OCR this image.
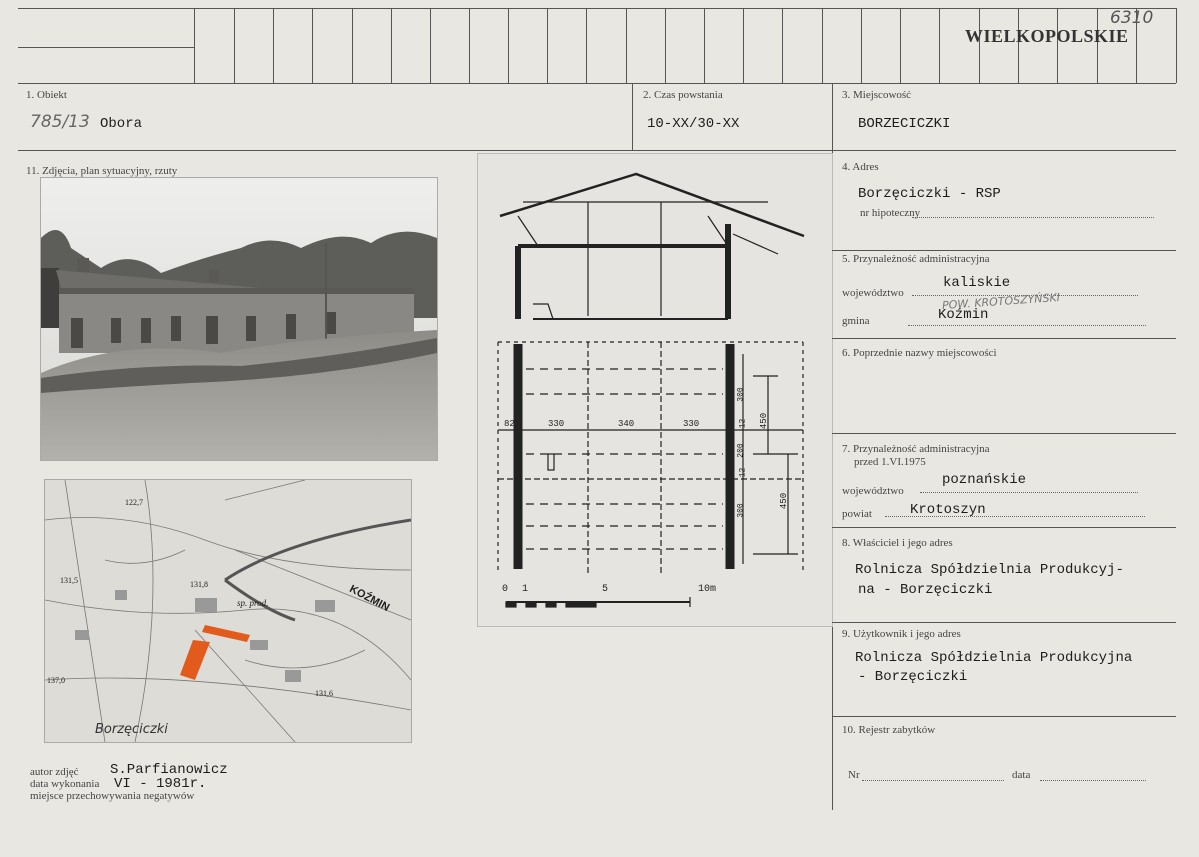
WIELKOPOLSKIE
6310
1. Obiekt
785/13 Obora
2. Czas powstania
10-XX/30-XX
3. Miejscowość
BORZECICZKI
11. Zdjęcia, plan sytuacyjny, rzuty
Borzęciczki
KOŹMIN
sp. prod.
131,8
137,0
131,6
122,7
131,5
330	340	330
82	450
300
12
200
12
300
450
0 1	5	10m
4. Adres
Borzęciczki - RSP
nr hipoteczny
5. Przynależność administracyjna
województwo
kaliskie
POW. KROTOSZYŃSKI
gmina	Koźmin
6. Poprzednie nazwy miejscowości
7. Przynależność administracyjna
przed 1.VI.1975
województwo
poznańskie
powiat	Krotoszyn
8. Właściciel i jego adres
Rolnicza Spółdzielnia Produkcyj-
na - Borzęciczki
9. Użytkownik i jego adres
Rolnicza Spółdzielnia Produkcyjna
- Borzęciczki
10. Rejestr zabytków
Nr	data
autor zdjęć S.Parfianowicz
data wykonania VI - 1981r.
miejsce przechowywania negatywów
